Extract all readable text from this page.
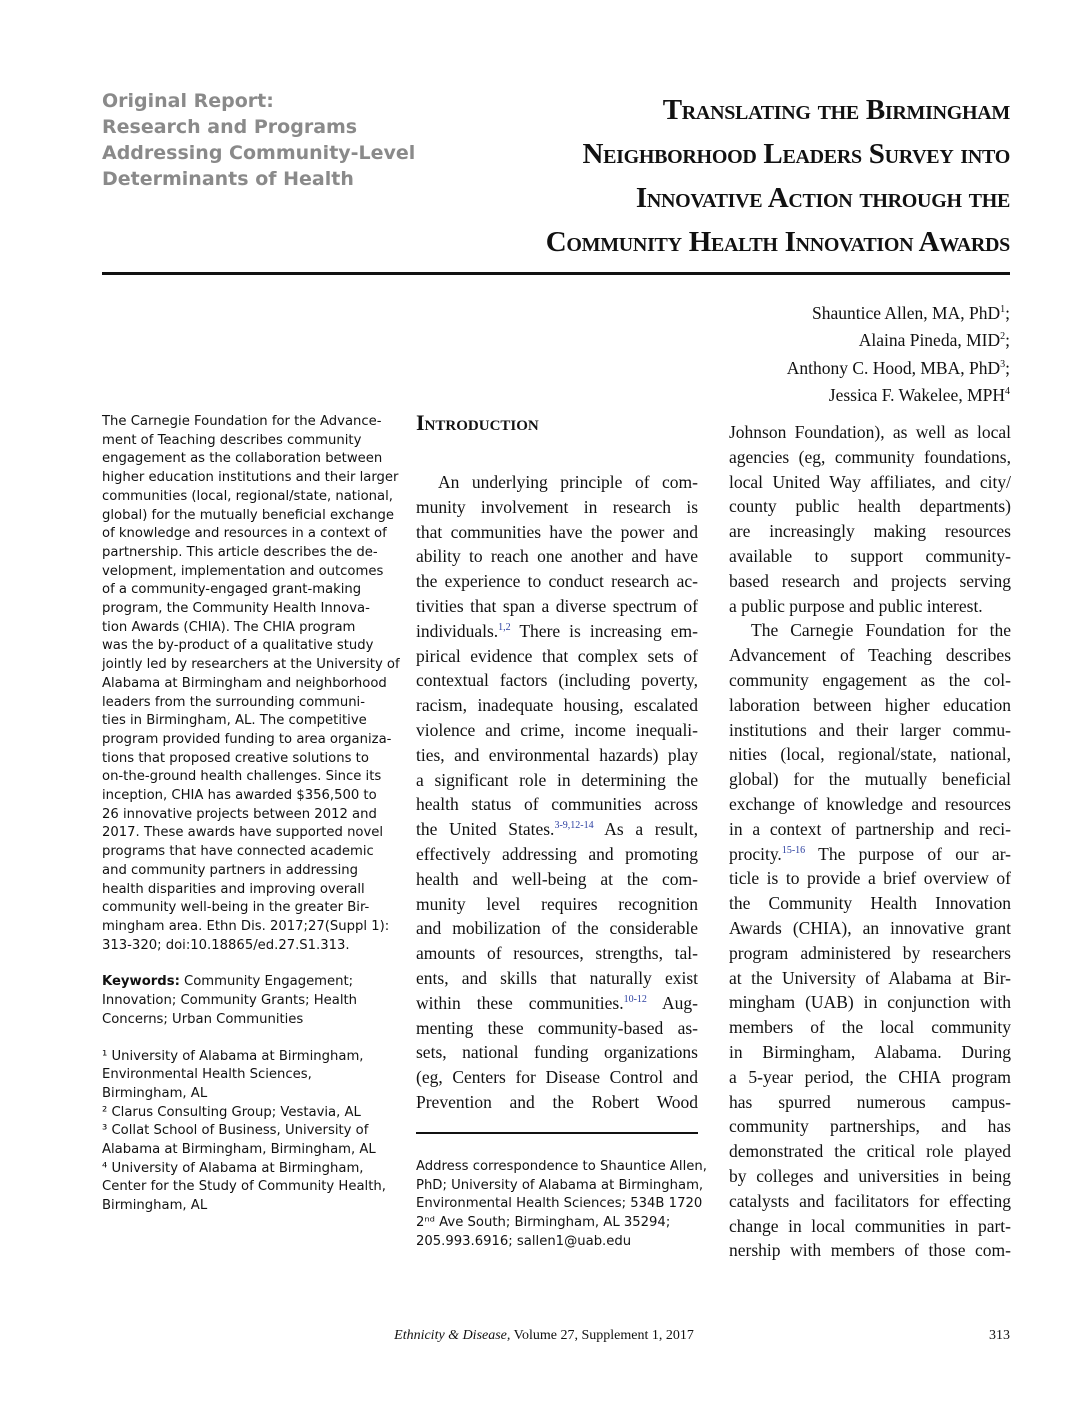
Original Report:
Research and Programs
Addressing Community-Level
Determinants of Health
Translating the Birmingham
Neighborhood Leaders Survey into
Innovative Action through the
Community Health Innovation Awards
Shauntice Allen, MA, PhD$^1$;
Alaina Pineda, MID$^2$;
Anthony C. Hood, MBA, PhD$^3$;
Jessica F. Wakelee, MPH$^4$
The Carnegie Foundation for the Advance-
ment of Teaching describes community
engagement as the collaboration between
higher education institutions and their larger
communities (local, regional/state, national,
global) for the mutually beneficial exchange
of knowledge and resources in a context of
partnership. This article describes the de-
velopment, implementation and outcomes
of a community-engaged grant-making
program, the Community Health Innova-
tion Awards (CHIA). The CHIA program
was the by-product of a qualitative study
jointly led by researchers at the University of
Alabama at Birmingham and neighborhood
leaders from the surrounding communi-
ties in Birmingham, AL. The competitive
program provided funding to area organiza-
tions that proposed creative solutions to
on-the-ground health challenges. Since its
inception, CHIA has awarded $356,500 to
26 innovative projects between 2012 and
2017. These awards have supported novel
programs that have connected academic
and community partners in addressing
health disparities and improving overall
community well-being in the greater Bir-
mingham area. Ethn Dis. 2017;27(Suppl 1):
313-320; doi:10.18865/ed.27.S1.313.
Keywords: Community Engagement;
Innovation; Community Grants; Health
Concerns; Urban Communities
¹ University of Alabama at Birmingham,
Environmental Health Sciences,
Birmingham, AL
² Clarus Consulting Group; Vestavia, AL
³ Collat School of Business, University of
Alabama at Birmingham, Birmingham, AL
⁴ University of Alabama at Birmingham,
Center for the Study of Community Health,
Birmingham, AL
Introduction
An underlying principle of com-
munity involvement in research is
that communities have the power and
ability to reach one another and have
the experience to conduct research ac-
tivities that span a diverse spectrum of
individuals.$^{1,2}$ There is increasing em-
pirical evidence that complex sets of
contextual factors (including poverty,
racism, inadequate housing, escalated
violence and crime, income inequali-
ties, and environmental hazards) play
a significant role in determining the
health status of communities across
the United States.$^{3-9,12-14}$ As a result,
effectively addressing and promoting
health and well-being at the com-
munity level requires recognition
and mobilization of the considerable
amounts of resources, strengths, tal-
ents, and skills that naturally exist
within these communities.$^{10-12}$ Aug-
menting these community-based as-
sets, national funding organizations
(eg, Centers for Disease Control and
Prevention and the Robert Wood
Johnson Foundation), as well as local
agencies (eg, community foundations,
local United Way affiliates, and city/
county public health departments)
are increasingly making resources
available to support community-
based research and projects serving
a public purpose and public interest.
The Carnegie Foundation for the
Advancement of Teaching describes
community engagement as the col-
laboration between higher education
institutions and their larger commu-
nities (local, regional/state, national,
global) for the mutually beneficial
exchange of knowledge and resources
in a context of partnership and reci-
procity.$^{15-16}$ The purpose of our ar-
ticle is to provide a brief overview of
the Community Health Innovation
Awards (CHIA), an innovative grant
program administered by researchers
at the University of Alabama at Bir-
mingham (UAB) in conjunction with
members of the local community
in Birmingham, Alabama. During
a 5-year period, the CHIA program
has spurred numerous campus-
community partnerships, and has
demonstrated the critical role played
by colleges and universities in being
catalysts and facilitators for effecting
change in local communities in part-
nership with members of those com-
Address correspondence to Shauntice Allen,
PhD; University of Alabama at Birmingham,
Environmental Health Sciences; 534B 1720
2ⁿᵈ Ave South; Birmingham, AL 35294;
205.993.6916; sallen1@uab.edu
Ethnicity & Disease, Volume 27, Supplement 1, 2017	313
